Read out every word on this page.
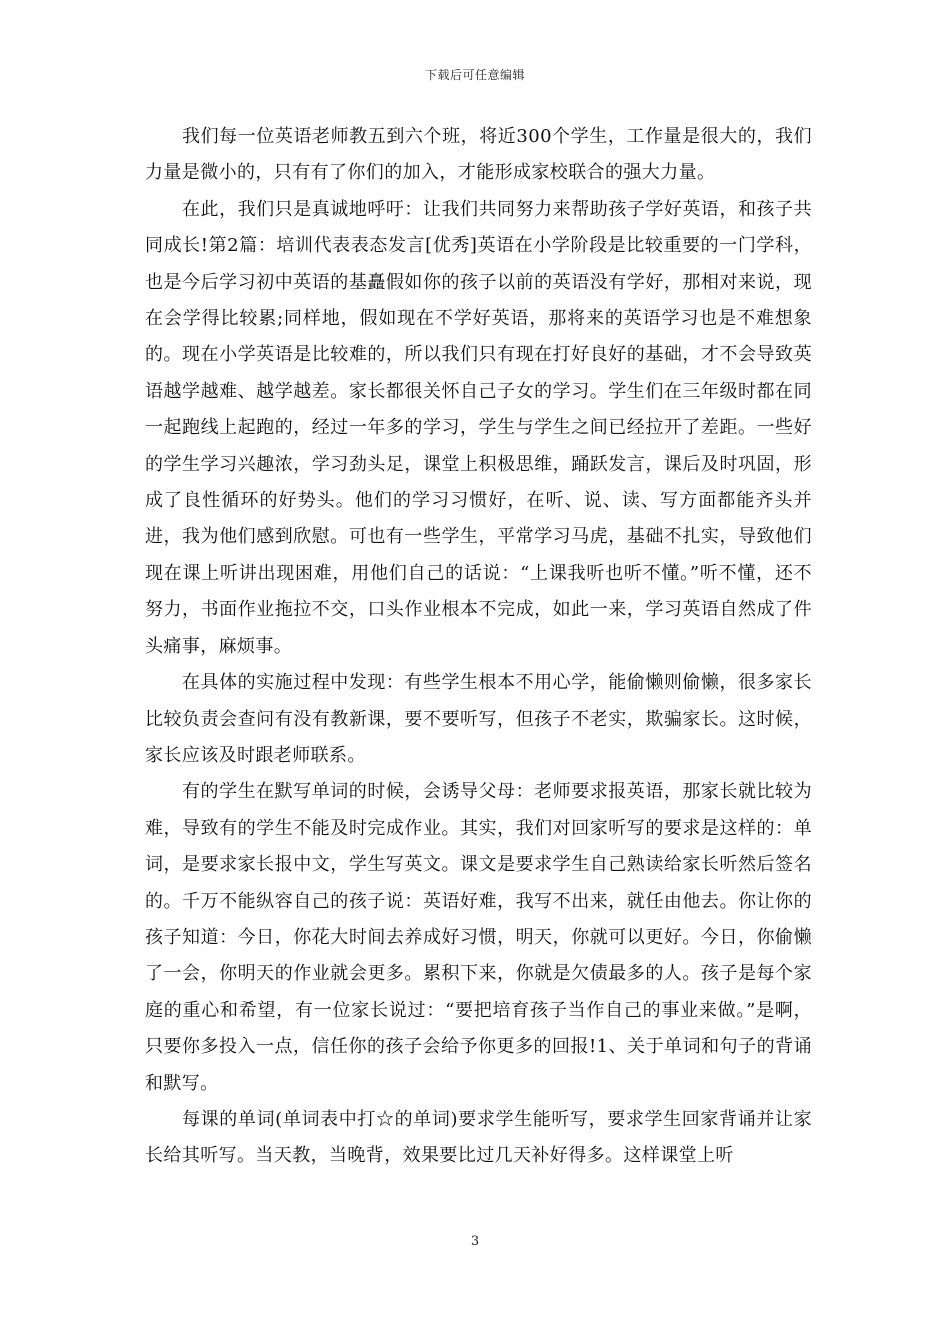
下载后可任意编辑

我们每一位英语老师教五到六个班，将近300个学生，工作量是很大的，我们力量是微小的，只有有了你们的加入，才能形成家校联合的强大力量。

在此，我们只是真诚地呼吁：让我们共同努力来帮助孩子学好英语，和孩子共同成长!第2篇：培训代表表态发言[优秀]英语在小学阶段是比较重要的一门学科，也是今后学习初中英语的基矗假如你的孩子以前的英语没有学好，那相对来说，现在会学得比较累;同样地，假如现在不学好英语，那将来的英语学习也是不难想象的。现在小学英语是比较难的，所以我们只有现在打好良好的基础，才不会导致英语越学越难、越学越差。家长都很关怀自己子女的学习。学生们在三年级时都在同一起跑线上起跑的，经过一年多的学习，学生与学生之间已经拉开了差距。一些好的学生学习兴趣浓，学习劲头足，课堂上积极思维，踊跃发言，课后及时巩固，形成了良性循环的好势头。他们的学习习惯好，在听、说、读、写方面都能齐头并进，我为他们感到欣慰。可也有一些学生，平常学习马虎，基础不扎实，导致他们现在课上听讲出现困难，用他们自己的话说：“上课我听也听不懂。”听不懂，还不努力，书面作业拖拉不交，口头作业根本不完成，如此一来，学习英语自然成了件头痛事，麻烦事。

在具体的实施过程中发现：有些学生根本不用心学，能偷懒则偷懒，很多家长比较负责会查问有没有教新课，要不要听写，但孩子不老实，欺骗家长。这时候，家长应该及时跟老师联系。

有的学生在默写单词的时候，会诱导父母：老师要求报英语，那家长就比较为难，导致有的学生不能及时完成作业。其实，我们对回家听写的要求是这样的：单词，是要求家长报中文，学生写英文。课文是要求学生自己熟读给家长听然后签名的。千万不能纵容自己的孩子说：英语好难，我写不出来，就任由他去。你让你的孩子知道：今日，你花大时间去养成好习惯，明天，你就可以更好。今日，你偷懒了一会，你明天的作业就会更多。累积下来，你就是欠债最多的人。孩子是每个家庭的重心和希望，有一位家长说过：“要把培育孩子当作自己的事业来做。”是啊，只要你多投入一点，信任你的孩子会给予你更多的回报!1、关于单词和句子的背诵和默写。

每课的单词(单词表中打☆的单词)要求学生能听写，要求学生回家背诵并让家长给其听写。当天教，当晚背，效果要比过几天补好得多。这样课堂上听

3
